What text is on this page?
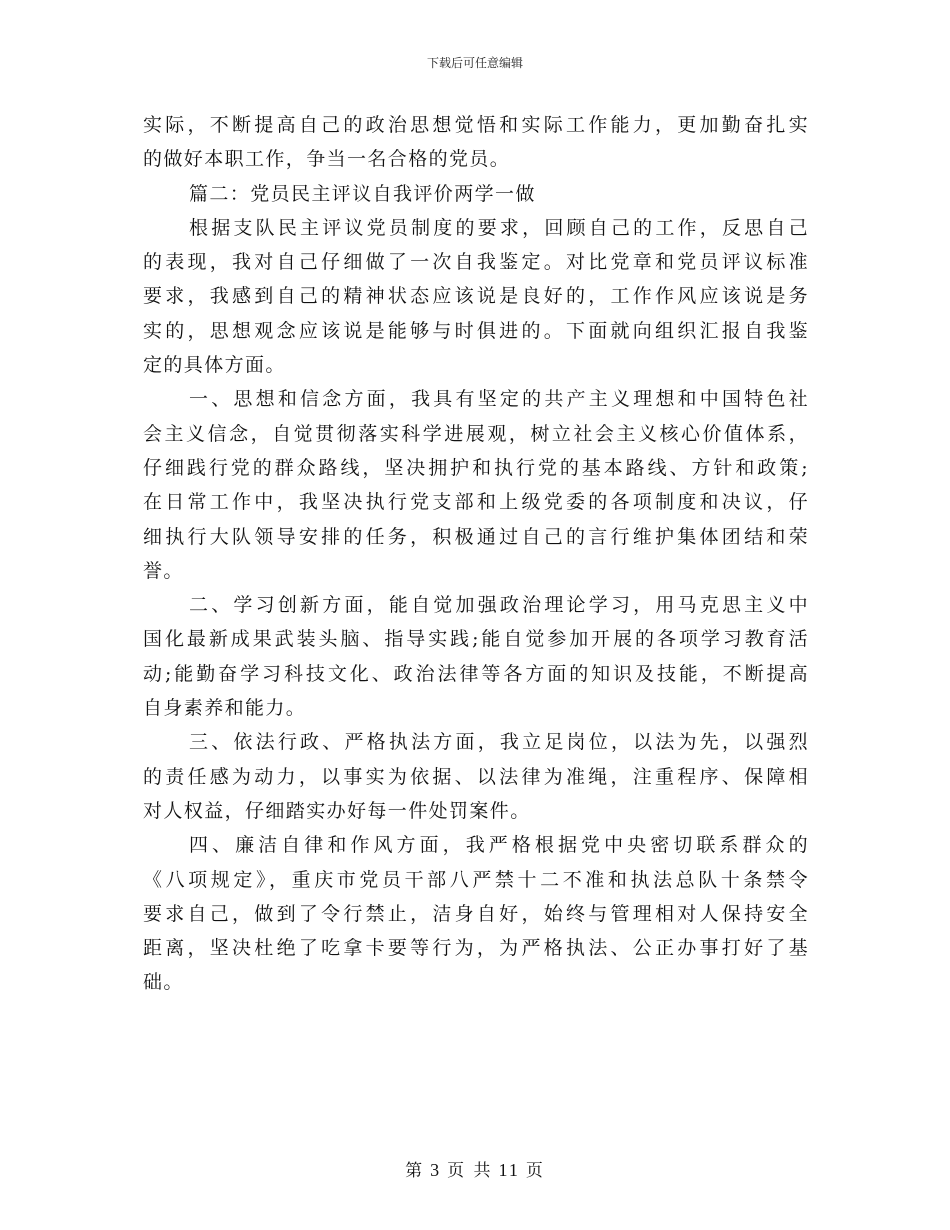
下载后可任意编辑
实际，不断提高自己的政治思想觉悟和实际工作能力，更加勤奋扎实
的做好本职工作，争当一名合格的党员。
篇二：党员民主评议自我评价两学一做
根据支队民主评议党员制度的要求，回顾自己的工作，反思自己
的表现，我对自己仔细做了一次自我鉴定。对比党章和党员评议标准
要求，我感到自己的精神状态应该说是良好的，工作作风应该说是务
实的，思想观念应该说是能够与时俱进的。下面就向组织汇报自我鉴
定的具体方面。
一、思想和信念方面，我具有坚定的共产主义理想和中国特色社
会主义信念，自觉贯彻落实科学进展观，树立社会主义核心价值体系，
仔细践行党的群众路线，坚决拥护和执行党的基本路线、方针和政策;
在日常工作中，我坚决执行党支部和上级党委的各项制度和决议，仔
细执行大队领导安排的任务，积极通过自己的言行维护集体团结和荣
誉。
二、学习创新方面，能自觉加强政治理论学习，用马克思主义中
国化最新成果武装头脑、指导实践;能自觉参加开展的各项学习教育活
动;能勤奋学习科技文化、政治法律等各方面的知识及技能，不断提高
自身素养和能力。
三、依法行政、严格执法方面，我立足岗位，以法为先，以强烈
的责任感为动力，以事实为依据、以法律为准绳，注重程序、保障相
对人权益，仔细踏实办好每一件处罚案件。
四、廉洁自律和作风方面，我严格根据党中央密切联系群众的
《八项规定》，重庆市党员干部八严禁十二不准和执法总队十条禁令
要求自己，做到了令行禁止，洁身自好，始终与管理相对人保持安全
距离，坚决杜绝了吃拿卡要等行为，为严格执法、公正办事打好了基
础。
第 3 页 共 11 页
